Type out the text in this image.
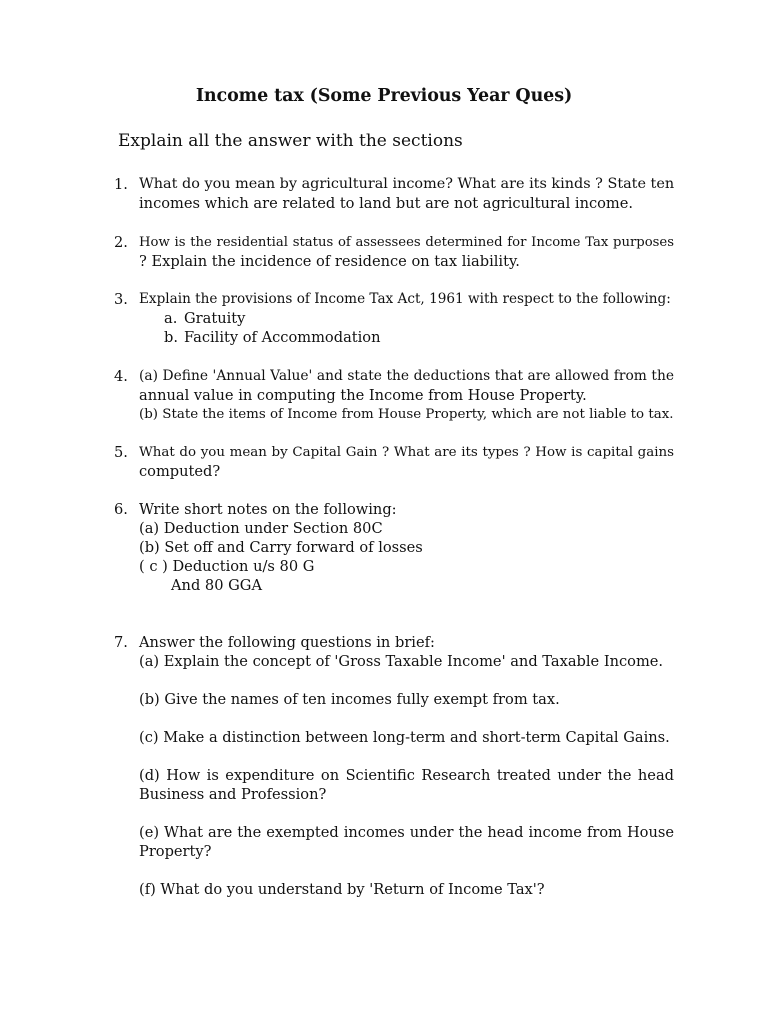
Income tax (Some Previous Year Ques)
Explain all the answer with the sections
1. What do you mean by agricultural income? What are its kinds ? State ten
incomes which are related to land but are not agricultural income.
2. How is the residential status of assessees determined for Income Tax purposes
? Explain the incidence of residence on tax liability.
3. Explain the provisions of Income Tax Act, 1961 with respect to the following:
a. Gratuity
b. Facility of Accommodation
4. (a) Define 'Annual Value' and state the deductions that are allowed from the
annual value in computing the Income from House Property.
(b) State the items of Income from House Property, which are not liable to tax.
5. What do you mean by Capital Gain ? What are its types ? How is capital gains
computed?
6. Write short notes on the following:
(a) Deduction under Section 80C
(b) Set off and Carry forward of losses
( c ) Deduction u/s 80 G
And 80 GGA
7. Answer the following questions in brief:
(a) Explain the concept of 'Gross Taxable Income' and Taxable Income.
(b) Give the names of ten incomes fully exempt from tax.
(c) Make a distinction between long-term and short-term Capital Gains.
(d) How is expenditure on Scientific Research treated under the head
Business and Profession?
(e) What are the exempted incomes under the head income from House
Property?
(f) What do you understand by 'Return of Income Tax'?
